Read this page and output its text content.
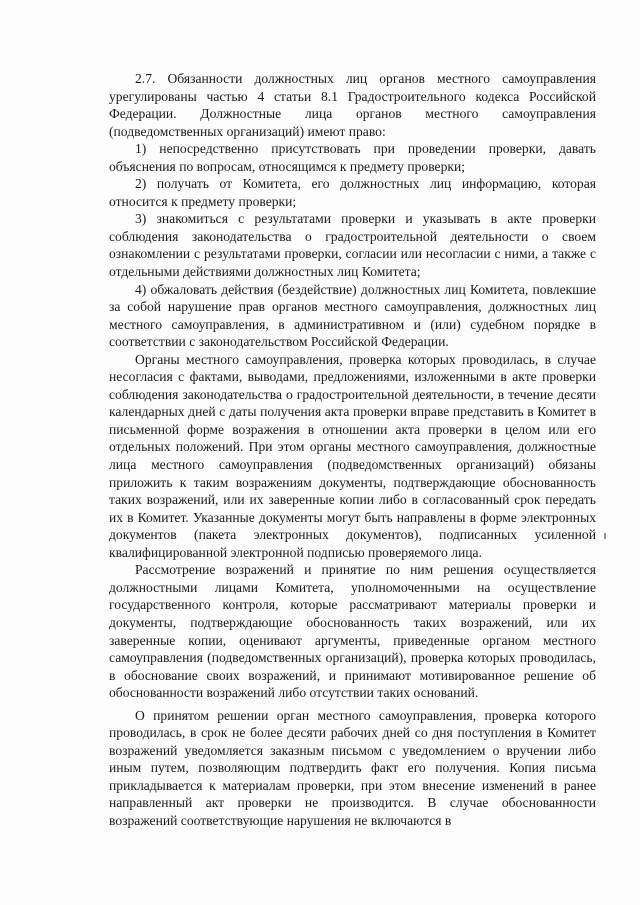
2.7. Обязанности должностных лиц органов местного самоуправления урегулированы частью 4 статьи 8.1 Градостроительного кодекса Российской Федерации. Должностные лица органов местного самоуправления (подведомственных организаций) имеют право:

1) непосредственно присутствовать при проведении проверки, давать объяснения по вопросам, относящимся к предмету проверки;

2) получать от Комитета, его должностных лиц информацию, которая относится к предмету проверки;

3) знакомиться с результатами проверки и указывать в акте проверки соблюдения законодательства о градостроительной деятельности о своем ознакомлении с результатами проверки, согласии или несогласии с ними, а также с отдельными действиями должностных лиц Комитета;

4) обжаловать действия (бездействие) должностных лиц Комитета, повлекшие за собой нарушение прав органов местного самоуправления, должностных лиц местного самоуправления, в административном и (или) судебном порядке в соответствии с законодательством Российской Федерации.

Органы местного самоуправления, проверка которых проводилась, в случае несогласия с фактами, выводами, предложениями, изложенными в акте проверки соблюдения законодательства о градостроительной деятельности, в течение десяти календарных дней с даты получения акта проверки вправе представить в Комитет в письменной форме возражения в отношении акта проверки в целом или его отдельных положений. При этом органы местного самоуправления, должностные лица местного самоуправления (подведомственных организаций) обязаны приложить к таким возражениям документы, подтверждающие обоснованность таких возражений, или их заверенные копии либо в согласованный срок передать их в Комитет. Указанные документы могут быть направлены в форме электронных документов (пакета электронных документов), подписанных усиленной квалифицированной электронной подписью проверяемого лица.

Рассмотрение возражений и принятие по ним решения осуществляется должностными лицами Комитета, уполномоченными на осуществление государственного контроля, которые рассматривают материалы проверки и документы, подтверждающие обоснованность таких возражений, или их заверенные копии, оценивают аргументы, приведенные органом местного самоуправления (подведомственных организаций), проверка которых проводилась, в обоснование своих возражений, и принимают мотивированное решение об обоснованности возражений либо отсутствии таких оснований.

О принятом решении орган местного самоуправления, проверка которого проводилась, в срок не более десяти рабочих дней со дня поступления в Комитет возражений уведомляется заказным письмом с уведомлением о вручении либо иным путем, позволяющим подтвердить факт его получения. Копия письма прикладывается к материалам проверки, при этом внесение изменений в ранее направленный акт проверки не производится. В случае обоснованности возражений соответствующие нарушения не включаются в
